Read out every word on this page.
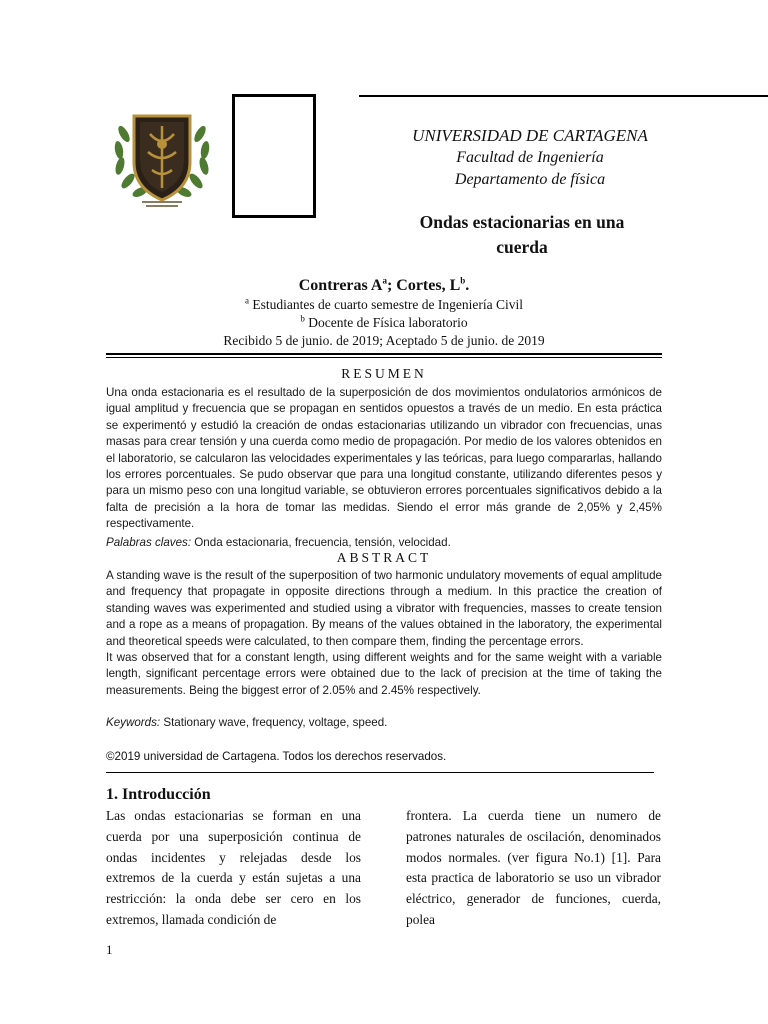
UNIVERSIDAD DE CARTAGENA
Facultad de Ingeniería
Departamento de física
Ondas estacionarias en una cuerda
Contreras $A^a$; Cortes, $L^b$.
$^a$ Estudiantes de cuarto semestre de Ingeniería Civil
$^b$ Docente de Física laboratorio
Recibido 5 de junio. de 2019; Aceptado 5 de junio. de 2019
RESUMEN
Una onda estacionaria es el resultado de la superposición de dos movimientos ondulatorios armónicos de igual amplitud y frecuencia que se propagan en sentidos opuestos a través de un medio. En esta práctica se experimentó y estudió la creación de ondas estacionarias utilizando un vibrador con frecuencias, unas masas para crear tensión y una cuerda como medio de propagación. Por medio de los valores obtenidos en el laboratorio, se calcularon las velocidades experimentales y las teóricas, para luego compararlas, hallando los errores porcentuales. Se pudo observar que para una longitud constante, utilizando diferentes pesos y para un mismo peso con una longitud variable, se obtuvieron errores porcentuales significativos debido a la falta de precisión a la hora de tomar las medidas. Siendo el error más grande de 2,05% y 2,45% respectivamente.
Palabras claves: Onda estacionaria, frecuencia, tensión, velocidad.
ABSTRACT
A standing wave is the result of the superposition of two harmonic undulatory movements of equal amplitude and frequency that propagate in opposite directions through a medium. In this practice the creation of standing waves was experimented and studied using a vibrator with frequencies, masses to create tension and a rope as a means of propagation. By means of the values obtained in the laboratory, the experimental and theoretical speeds were calculated, to then compare them, finding the percentage errors.
It was observed that for a constant length, using different weights and for the same weight with a variable length, significant percentage errors were obtained due to the lack of precision at the time of taking the measurements. Being the biggest error of 2.05% and 2.45% respectively.
Keywords: Stationary wave, frequency, voltage, speed.
©2019 universidad de Cartagena. Todos los derechos reservados.
1. Introducción
Las ondas estacionarias se forman en una cuerda por una superposición continua de ondas incidentes y relejadas desde los extremos de la cuerda y están sujetas a una restricción: la onda debe ser cero en los extremos, llamada condición de
frontera. La cuerda tiene un numero de patrones naturales de oscilación, denominados modos normales. (ver figura No.1) [1]. Para esta practica de laboratorio se uso un vibrador eléctrico, generador de funciones, cuerda, polea
1
